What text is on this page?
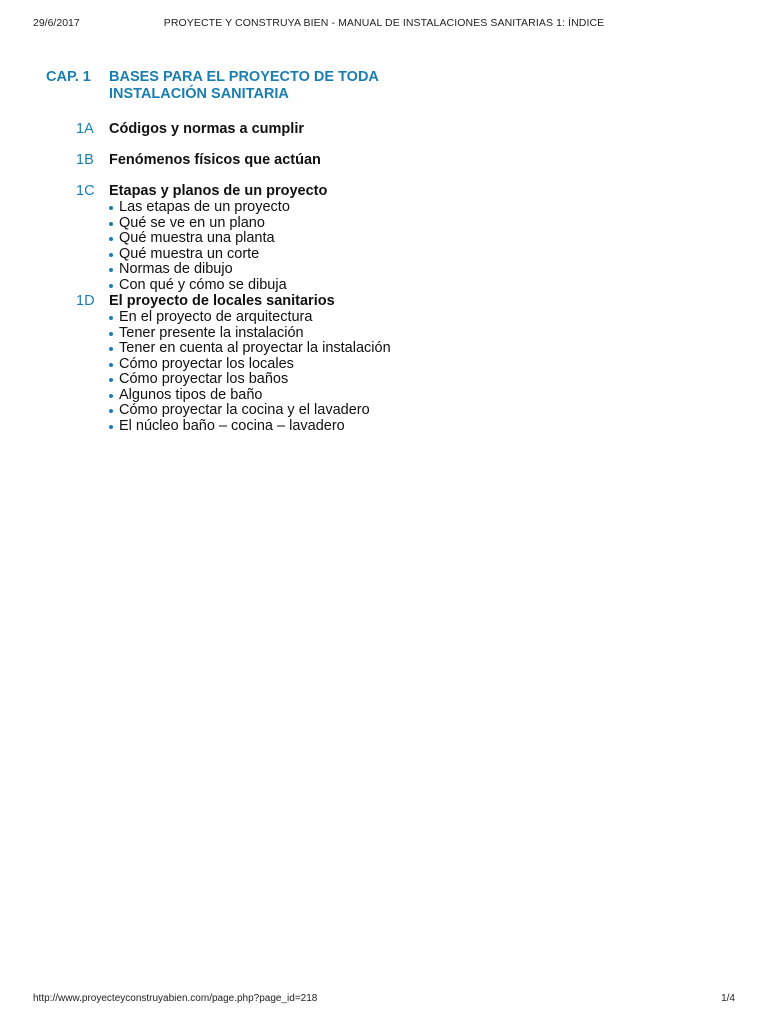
29/6/2017	PROYECTE Y CONSTRUYA BIEN - MANUAL DE INSTALACIONES SANITARIAS 1: ÍNDICE
CAP. 1 BASES PARA EL PROYECTO DE TODA
INSTALACIÓN SANITARIA
1A Códigos y normas a cumplir
1B Fenómenos físicos que actúan
1C Etapas y planos de un proyecto
Las etapas de un proyecto
Qué se ve en un plano
Qué muestra una planta
Qué muestra un corte
Normas de dibujo
Con qué y cómo se dibuja
1D El proyecto de locales sanitarios
En el proyecto de arquitectura
Tener presente la instalación
Tener en cuenta al proyectar la instalación
Cómo proyectar los locales
Cómo proyectar los baños
Algunos tipos de baño
Cómo proyectar la cocina y el lavadero
El núcleo baño – cocina – lavadero
http://www.proyecteyconstruyabien.com/page.php?page_id=218	1/4
